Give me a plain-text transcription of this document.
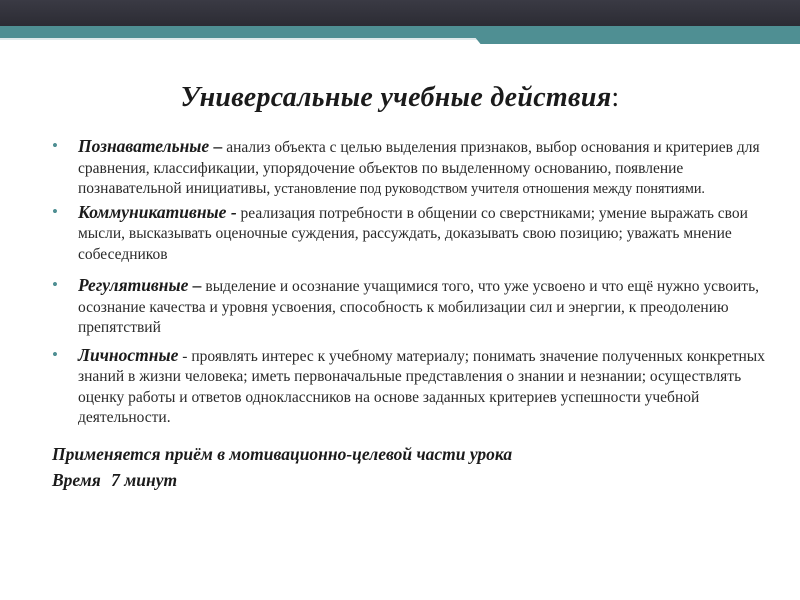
Универсальные учебные действия:
• Познавательные – анализ объекта с целью выделения признаков, выбор основания и критериев для сравнения, классификации, упорядочение объектов по выделенному основанию, появление познавательной инициативы, установление под руководством учителя отношения между понятиями.
• Коммуникативные - реализация потребности в общении со сверстниками; умение выражать свои мысли, высказывать оценочные суждения, рассуждать, доказывать свою позицию; уважать мнение собеседников
• Регулятивные – выделение и осознание учащимися того, что уже усвоено и что ещё нужно усвоить, осознание качества и уровня усвоения, способность к мобилизации сил и энергии, к преодолению препятствий
• Личностные - проявлять интерес к учебному материалу; понимать значение полученных конкретных знаний в жизни человека; иметь первоначальные представления о знании и незнании; осуществлять оценку работы и ответов одноклассников на основе заданных критериев успешности учебной деятельности.
Применяется приём в мотивационно-целевой части урока
Время 7 минут
